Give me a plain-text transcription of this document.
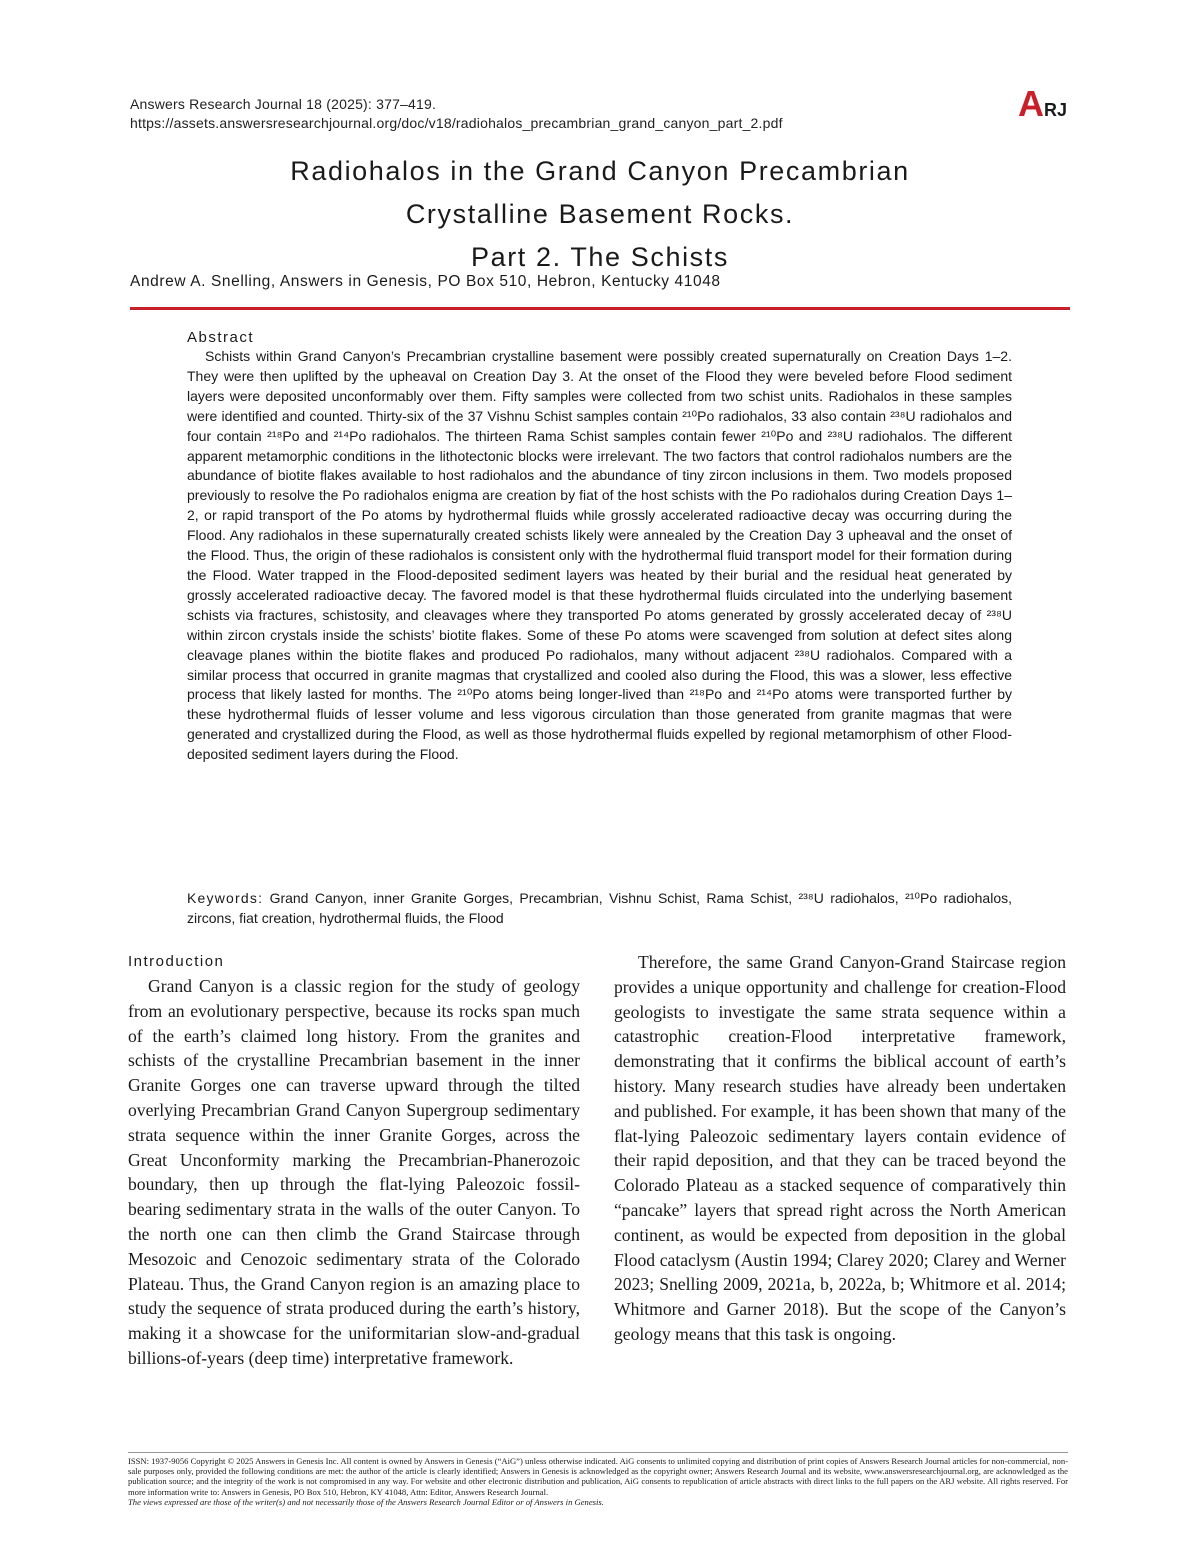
Answers Research Journal 18 (2025): 377–419.
https://assets.answersresearchjournal.org/doc/v18/radiohalos_precambrian_grand_canyon_part_2.pdf	ARJ
Radiohalos in the Grand Canyon Precambrian
Crystalline Basement Rocks.
Part 2. The Schists
Andrew A. Snelling, Answers in Genesis, PO Box 510, Hebron, Kentucky 41048
Abstract

Schists within Grand Canyon’s Precambrian crystalline basement were possibly created supernaturally on Creation Days 1–2. They were then uplifted by the upheaval on Creation Day 3. At the onset of the Flood they were beveled before Flood sediment layers were deposited unconformably over them. Fifty samples were collected from two schist units. Radiohalos in these samples were identified and counted. Thirty-six of the 37 Vishnu Schist samples contain ²¹⁰Po radiohalos, 33 also contain ²³⁸U radiohalos and four contain ²¹⁸Po and ²¹⁴Po radiohalos. The thirteen Rama Schist samples contain fewer ²¹⁰Po and ²³⁸U radiohalos. The different apparent metamorphic conditions in the lithotectonic blocks were irrelevant. The two factors that control radiohalos numbers are the abundance of biotite flakes available to host radiohalos and the abundance of tiny zircon inclusions in them. Two models proposed previously to resolve the Po radiohalos enigma are creation by fiat of the host schists with the Po radiohalos during Creation Days 1–2, or rapid transport of the Po atoms by hydrothermal fluids while grossly accelerated radioactive decay was occurring during the Flood. Any radiohalos in these supernaturally created schists likely were annealed by the Creation Day 3 upheaval and the onset of the Flood. Thus, the origin of these radiohalos is consistent only with the hydrothermal fluid transport model for their formation during the Flood. Water trapped in the Flood-deposited sediment layers was heated by their burial and the residual heat generated by grossly accelerated radioactive decay. The favored model is that these hydrothermal fluids circulated into the underlying basement schists via fractures, schistosity, and cleavages where they transported Po atoms generated by grossly accelerated decay of ²³⁸U within zircon crystals inside the schists’ biotite flakes. Some of these Po atoms were scavenged from solution at defect sites along cleavage planes within the biotite flakes and produced Po radiohalos, many without adjacent ²³⁸U radiohalos. Compared with a similar process that occurred in granite magmas that crystallized and cooled also during the Flood, this was a slower, less effective process that likely lasted for months. The ²¹⁰Po atoms being longer-lived than ²¹⁸Po and ²¹⁴Po atoms were transported further by these hydrothermal fluids of lesser volume and less vigorous circulation than those generated from granite magmas that were generated and crystallized during the Flood, as well as those hydrothermal fluids expelled by regional metamorphism of other Flood-deposited sediment layers during the Flood.

Keywords: Grand Canyon, inner Granite Gorges, Precambrian, Vishnu Schist, Rama Schist, ²³⁸U radiohalos, ²¹⁰Po radiohalos, zircons, fiat creation, hydrothermal fluids, the Flood
Introduction

Grand Canyon is a classic region for the study of geology from an evolutionary perspective, because its rocks span much of the earth’s claimed long history. From the granites and schists of the crystalline Precambrian basement in the inner Granite Gorges one can traverse upward through the tilted overlying Precambrian Grand Canyon Supergroup sedimentary strata sequence within the inner Granite Gorges, across the Great Unconformity marking the Precambrian-Phanerozoic boundary, then up through the flat-lying Paleozoic fossil-bearing sedimentary strata in the walls of the outer Canyon. To the north one can then climb the Grand Staircase through Mesozoic and Cenozoic sedimentary strata of the Colorado Plateau. Thus, the Grand Canyon region is an amazing place to study the sequence of strata produced during the earth’s history, making it a showcase for the uniformitarian slow-and-gradual billions-of-years (deep time) interpretative framework.

Therefore, the same Grand Canyon-Grand Staircase region provides a unique opportunity and challenge for creation-Flood geologists to investigate the same strata sequence within a catastrophic creation-Flood interpretative framework, demonstrating that it confirms the biblical account of earth’s history. Many research studies have already been undertaken and published. For example, it has been shown that many of the flat-lying Paleozoic sedimentary layers contain evidence of their rapid deposition, and that they can be traced beyond the Colorado Plateau as a stacked sequence of comparatively thin “pancake” layers that spread right across the North American continent, as would be expected from deposition in the global Flood cataclysm (Austin 1994; Clarey 2020; Clarey and Werner 2023; Snelling 2009, 2021a, b, 2022a, b; Whitmore et al. 2014; Whitmore and Garner 2018). But the scope of the Canyon’s geology means that this task is ongoing.

ISSN: 1937-9056 Copyright © 2025 Answers in Genesis Inc. All content is owned by Answers in Genesis (“AiG”) unless otherwise indicated. AiG consents to unlimited copying and distribution of print copies of Answers Research Journal articles for non-commercial, non-sale purposes only, provided the following conditions are met: the author of the article is clearly identified; Answers in Genesis is acknowledged as the copyright owner; Answers Research Journal and its website, www.answersresearchjournal.org, are acknowledged as the publication source; and the integrity of the work is not compromised in any way. For website and other electronic distribution and publication, AiG consents to republication of article abstracts with direct links to the full papers on the ARJ website. All rights reserved. For more information write to: Answers in Genesis, PO Box 510, Hebron, KY 41048, Attn: Editor, Answers Research Journal.

The views expressed are those of the writer(s) and not necessarily those of the Answers Research Journal Editor or of Answers in Genesis.
